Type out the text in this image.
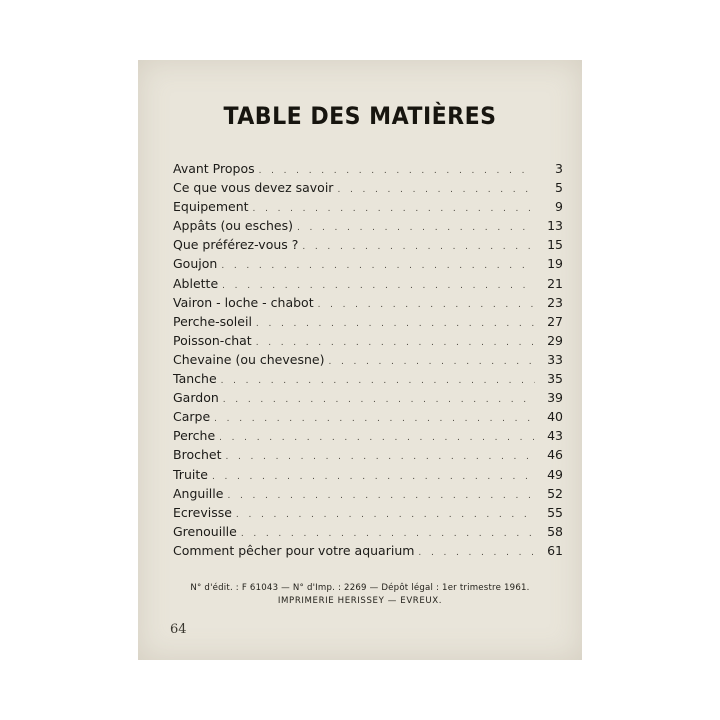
TABLE DES MATIÈRES
Avant Propos . . .	3
Ce que vous devez savoir . . .	5
Equipement . . .	9
Appâts (ou esches) . . .	13
Que préférez-vous ? . . .	15
Goujon . . .	19
Ablette . . .	21
Vairon - loche - chabot . . .	23
Perche-soleil . . .	27
Poisson-chat . . .	29
Chevaine (ou chevesne) . . .	33
Tanche . . .	35
Gardon . . .	39
Carpe . . .	40
Perche . . .	43
Brochet . . .	46
Truite . . .	49
Anguille . . .	52
Ecrevisse . . .	55
Grenouille . . .	58
Comment pêcher pour votre aquarium . . .	61
N° d'édit. : F 61043 — N° d'Imp. : 2269 — Dépôt légal : 1er trimestre 1961.
IMPRIMERIE HERISSEY — EVREUX.
64
